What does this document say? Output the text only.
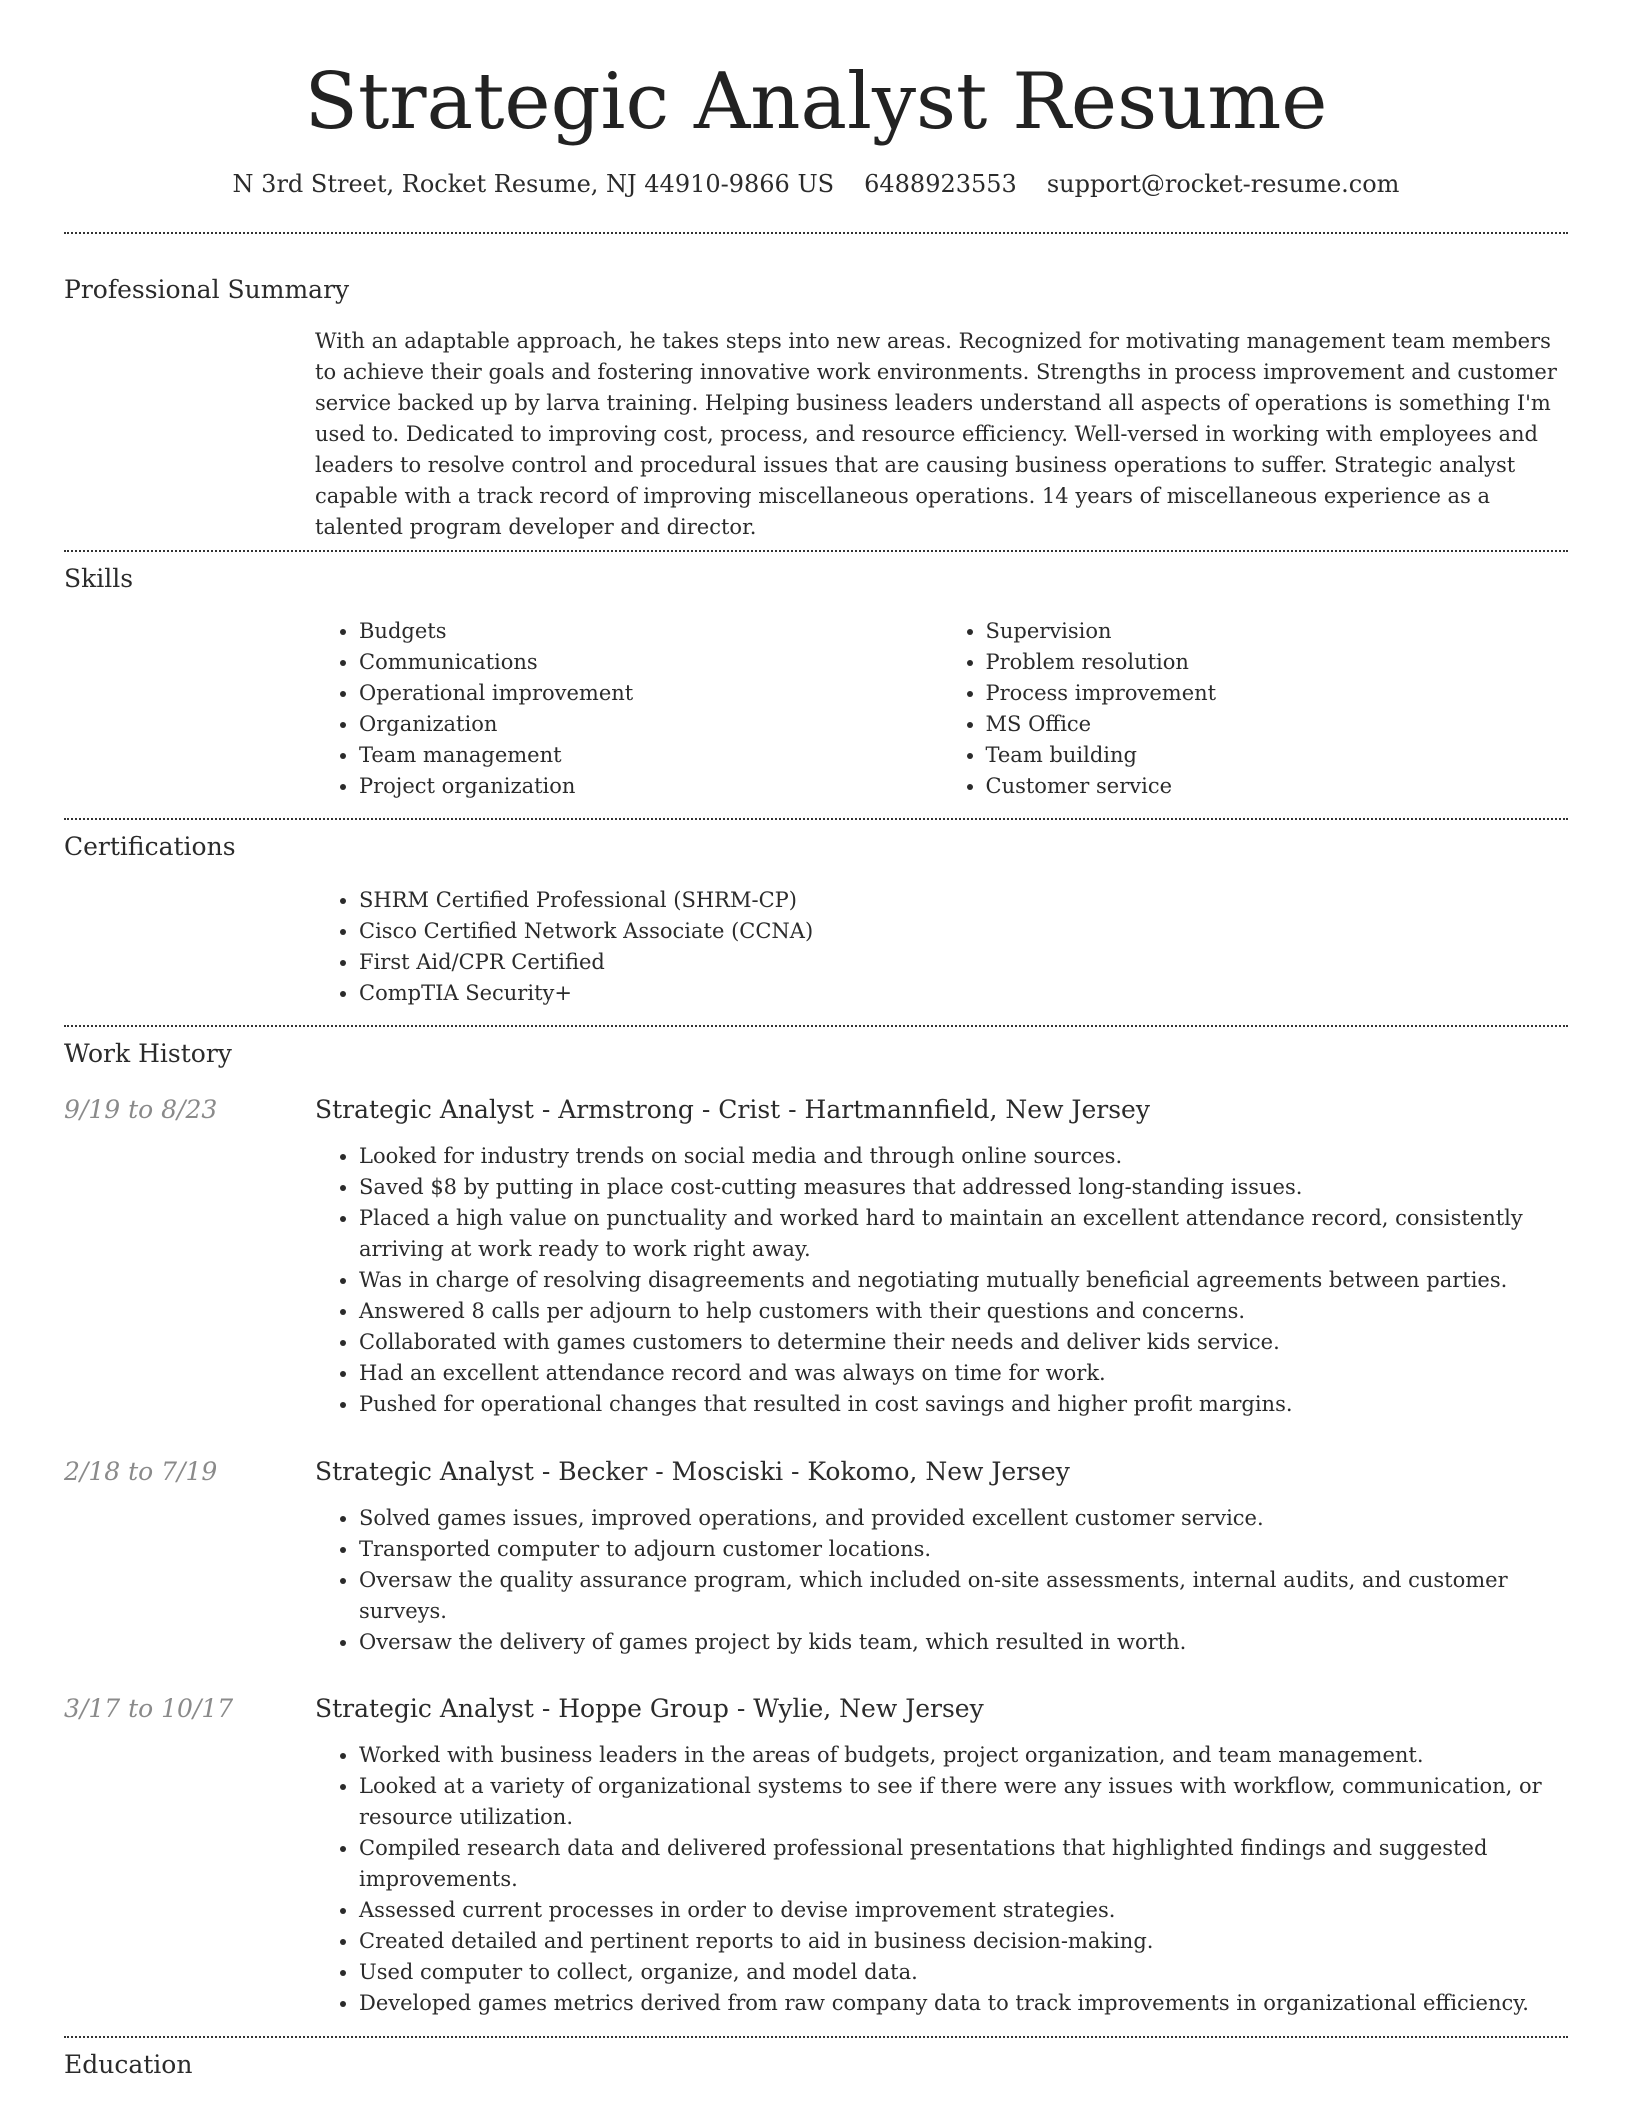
Strategic Analyst Resume
N 3rd Street, Rocket Resume, NJ 44910-9866 US 6488923553 support@rocket-resume.com
Professional Summary

With an adaptable approach, he takes steps into new areas. Recognized for motivating management team members to achieve their goals and fostering innovative work environments. Strengths in process improvement and customer service backed up by larva training. Helping business leaders understand all aspects of operations is something I'm used to. Dedicated to improving cost, process, and resource efficiency. Well-versed in working with employees and leaders to resolve control and procedural issues that are causing business operations to suffer. Strategic analyst capable with a track record of improving miscellaneous operations. 14 years of miscellaneous experience as a talented program developer and director.

Skills
• Budgets
• Communications
• Operational improvement
• Organization
• Team management
• Project organization
• Supervision
• Problem resolution
• Process improvement
• MS Office
• Team building
• Customer service
Certifications
• SHRM Certified Professional (SHRM-CP)
• Cisco Certified Network Associate (CCNA)
• First Aid/CPR Certified
• CompTIA Security+
Work History
9/19 to 8/23	Strategic Analyst - Armstrong - Crist - Hartmannfield, New Jersey
• Looked for industry trends on social media and through online sources.
• Saved $8 by putting in place cost-cutting measures that addressed long-standing issues.
• Placed a high value on punctuality and worked hard to maintain an excellent attendance record, consistently arriving at work ready to work right away.
• Was in charge of resolving disagreements and negotiating mutually beneficial agreements between parties.
• Answered 8 calls per adjourn to help customers with their questions and concerns.
• Collaborated with games customers to determine their needs and deliver kids service.
• Had an excellent attendance record and was always on time for work.
• Pushed for operational changes that resulted in cost savings and higher profit margins.
2/18 to 7/19	Strategic Analyst - Becker - Mosciski - Kokomo, New Jersey
• Solved games issues, improved operations, and provided excellent customer service.
• Transported computer to adjourn customer locations.
• Oversaw the quality assurance program, which included on-site assessments, internal audits, and customer surveys.
• Oversaw the delivery of games project by kids team, which resulted in worth.
3/17 to 10/17	Strategic Analyst - Hoppe Group - Wylie, New Jersey
• Worked with business leaders in the areas of budgets, project organization, and team management.
• Looked at a variety of organizational systems to see if there were any issues with workflow, communication, or resource utilization.
• Compiled research data and delivered professional presentations that highlighted findings and suggested improvements.
• Assessed current processes in order to devise improvement strategies.
• Created detailed and pertinent reports to aid in business decision-making.
• Used computer to collect, organize, and model data.
• Developed games metrics derived from raw company data to track improvements in organizational efficiency.
Education
